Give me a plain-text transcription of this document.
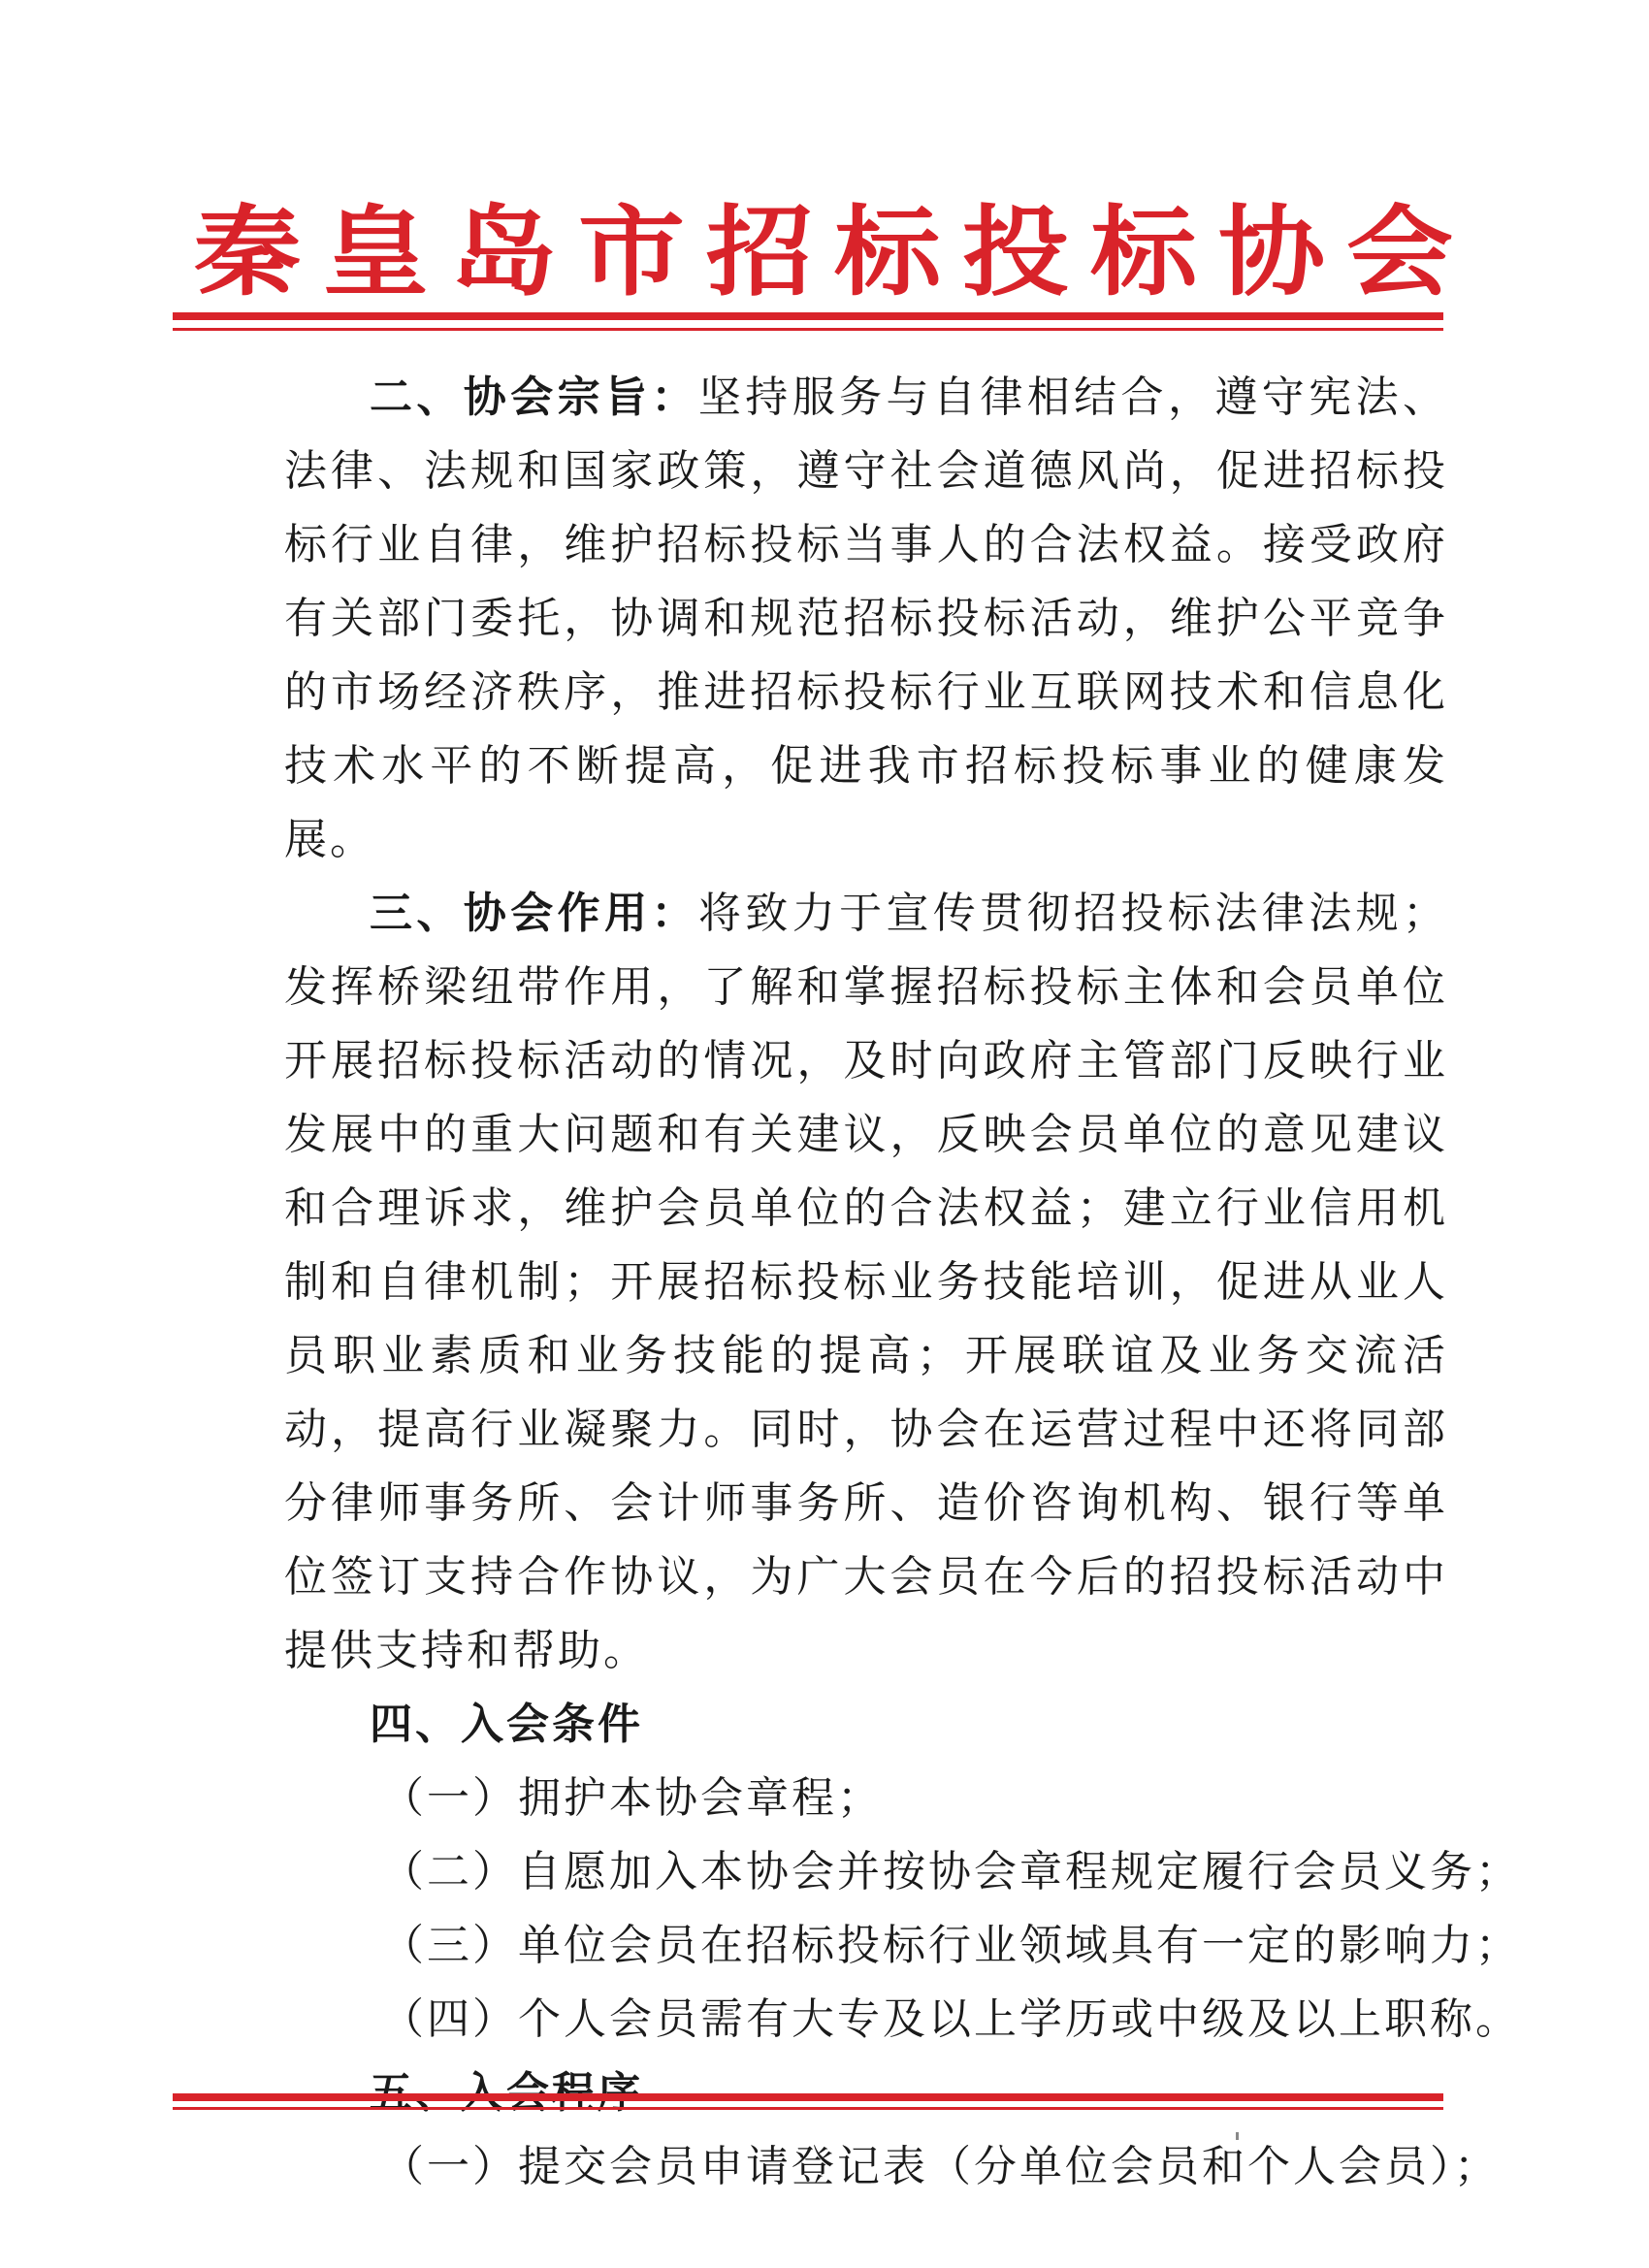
秦皇岛市招标投标协会

二、协会宗旨：坚持服务与自律相结合，遵守宪法、法律、法规和国家政策，遵守社会道德风尚，促进招标投标行业自律，维护招标投标当事人的合法权益。接受政府有关部门委托，协调和规范招标投标活动，维护公平竞争的市场经济秩序，推进招标投标行业互联网技术和信息化技术水平的不断提高，促进我市招标投标事业的健康发展。

三、协会作用：将致力于宣传贯彻招投标法律法规；发挥桥梁纽带作用，了解和掌握招标投标主体和会员单位开展招标投标活动的情况，及时向政府主管部门反映行业发展中的重大问题和有关建议，反映会员单位的意见建议和合理诉求，维护会员单位的合法权益；建立行业信用机制和自律机制；开展招标投标业务技能培训，促进从业人员职业素质和业务技能的提高；开展联谊及业务交流活动，提高行业凝聚力。同时，协会在运营过程中还将同部分律师事务所、会计师事务所、造价咨询机构、银行等单位签订支持合作协议，为广大会员在今后的招投标活动中提供支持和帮助。

四、入会条件

（一）拥护本协会章程；

（二）自愿加入本协会并按协会章程规定履行会员义务；

（三）单位会员在招标投标行业领域具有一定的影响力；

（四）个人会员需有大专及以上学历或中级及以上职称。

（一）提交会员申请登记表（分单位会员和个人会员）；
